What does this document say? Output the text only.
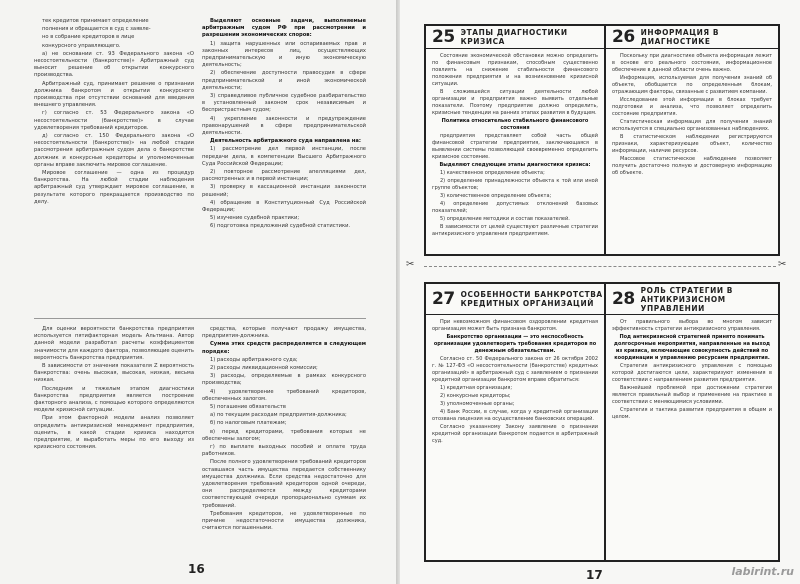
тек кредитов принимает определение

полнения и обращается в суд с заявле-

но в собрание кредиторов в лице

конкурсного управляющего.

а) не основании ст. 93 Федерального закона «О несостоятельности (банкротстве)» Арбитражный суд выносит решение об открытии конкурсного производства.

Арбитражный суд, принимает решение о признании должника банкротом и открытии конкурсного производства при отсутствии оснований для введения внешнего управления.

г) согласно ст. 53 Федерального закона «О несостоятельности (банкротстве)» в случае удовлетворения требований кредиторов.

д) согласно ст. 150 Федерального закона «О несостоятельности (банкротстве)» на любой стадии рассмотрения арбитражным судом дела о банкротстве должник и конкурсные кредиторы и уполномоченные органы вправе заключить мировое соглашение.

Мировое соглашение — одна из процедур банкротства. На любой стадии наблюдения арбитражный суд утверждает мировое соглашение, в результате которого прекращается производство по делу.

Выделяют основные задачи, выполняемые арбитражным судом РФ при рассмотрении и разрешении экономических споров:

1) защита нарушенных или оспариваемых прав и законных интересов лиц, осуществляющих предпринимательскую и иную экономическую деятельность;

2) обеспечение доступности правосудия в сфере предпринимательской и иной экономической деятельности;

3) справедливое публичное судебное разбирательство в установленный законом срок независимым и беспристрастным судом;

4) укрепление законности и предупреждение правонарушений в сфере предпринимательской деятельности.

Деятельность арбитражного суда направлена на:

1) рассмотрение дел первой инстанции, после передачи дела, в компетенции Высшего Арбитражного Суда Российской Федерации;

2) повторное рассмотрение апелляциями дел, рассмотренных и в первой инстанции;

3) проверку в кассационной инстанции законности решений;

4) обращение в Конституционный Суд Российской Федерации;

5) изучение судебной практики;

6) подготовка предложений судебной статистики.

Для оценки вероятности банкротства предприятия используется пятифакторная модель Альтмана. Автор данной модели разработал расчеты коэффициентов значимости для каждого фактора, позволяющие оценить вероятность банкротства предприятия.

В зависимости от значения показателя Z вероятность банкротства: очень высокая, высокая, низкая, весьма низкая.

Последним и тяжелым этапом диагностики банкротства предприятия является построение факторного анализа, с помощью которого определяются модели кризисной ситуации.

При этом факторной модели анализ позволяет определить антикризисной менеджмент предприятия, оценить, в какой стадии кризиса находится предприятие, и выработать меры по его выходу из кризисного состояния.

средства, которые получают продажу имущества, предприятия-должника.

Сумма этих средств распределяется в следующем порядке:

1) расходы арбитражного суда;

2) расходы ликвидационной комиссии;

3) расходы, определяемые в рамках конкурсного производства;

4) удовлетворение требований кредиторов, обеспеченных залогом.

5) погашение обязательств

а) по текущим расходам предприятия-должника;

б) по налоговым платежам;

в) перед кредиторами, требования которых не обеспечены залогом;

г) по выплате выходных пособий и оплате труда работников.

После полного удовлетворения требований кредиторов оставшаяся часть имущества передается собственнику имущества должника. Если средства недостаточно для удовлетворения требований кредиторов одной очереди, они распределяются между кредиторами соответствующей очереди пропорционально суммам их требований.

Требования кредиторов, не удовлетворенные по причине недостаточности имущества должника, считаются погашенными.

16
25 ЭТАПЫ ДИАГНОСТИКИ КРИЗИСА

Состояние экономической обстановки можно определить по финансовым признакам, способным существенно повлиять на снижение стабильности финансового положения предприятия и на возникновение кризисной ситуации.

В сложившейся ситуации деятельности любой организации и предприятия важно выявить отдельные показатели. Поэтому предприятие должно определить, кризисные тенденции на ранних этапах развития в будущем.

Политика относительно стабильного финансового состояния

предприятия представляет собой часть общей финансовой стратегии предприятия, заключающаяся в выявлении системы позволяющей своевременно определить кризисное состояние.

Выделяют следующие этапы диагностики кризиса:

1) качественное определение объекта;

2) определение принадлежности объекта к той или иной группе объектов;

3) количественное определение объекта;

4) определение допустимых отклонений базовых показателей;

5) определение методики и состав показателей.

В зависимости от целей существуют различные стратегии антикризисного управления предприятием.

26 ИНФОРМАЦИЯ В ДИАГНОСТИКЕ

Поскольку при диагностике объекта информация лежит в основе его реального состояния, информационное обеспечение в данной области очень важно.

Информация, используемая для получения знаний об объекте, обобщается по определенным блокам, отражающим факторы, связанные с развитием компании.

Исследование этой информации в блоках требует подготовки и анализа, что позволяет определить состояние предприятия.

Статистическая информация для получения знаний используется в специально организованных наблюдениях.

В статистическом наблюдении регистрируются признаки, характеризующие объект, количество информации, наличие ресурсов.

Массовое статистическое наблюдение позволяет получить достаточно полную и достоверную информацию об объекте.

✂	✂
27 ОСОБЕННОСТИ БАНКРОТСТВА КРЕДИТНЫХ ОРГАНИЗАЦИЙ

При невозможном финансовом оздоровлении кредитная организация может быть признана банкротом.

Банкротство организации — это неспособность организации удовлетворить требования кредиторов по денежным обязательствам.

Согласно ст. 50 Федерального закона от 26 октября 2002 г. № 127-ФЗ «О несостоятельности (банкротстве) кредитных организаций» в арбитражный суд с заявлением о признании кредитной организации банкротом вправе обратиться:

1) кредитная организация;

2) конкурсные кредиторы;

3) уполномоченные органы;

4) Банк России, в случае, когда у кредитной организации отозвана лицензия на осуществление банковских операций.

Согласно указанному Закону заявление о признании кредитной организации банкротом подается в арбитражный суд.

28 РОЛЬ СТРАТЕГИИ В АНТИКРИЗИСНОМ УПРАВЛЕНИИ

От правильного выбора во многом зависит эффективность стратегии антикризисного управления.

Под антикризисной стратегией принято понимать долгосрочные мероприятия, направленные на выход из кризиса, включающие совокупность действий по координации и управлению ресурсами предприятия.

Стратегия антикризисного управления с помощью которой достигаются цели, характеризуют изменения в соответствии с направлением развития предприятия.

Важнейшей проблемой при достижении стратегии является правильный выбор и применение на практике в соответствии с меняющимися условиями.

Стратегия и тактика развития предприятия в общем и целом.

17	labirint.ru
